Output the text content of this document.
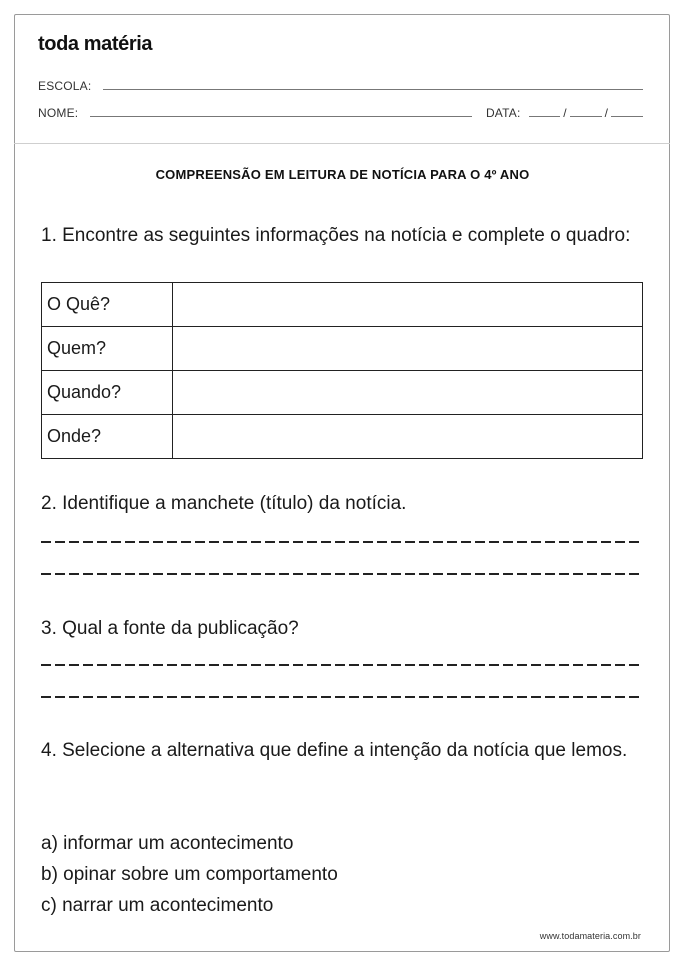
toda matéria
ESCOLA:
NOME:	DATA:	/	/
COMPREENSÃO EM LEITURA DE NOTÍCIA PARA O 4º ANO
1. Encontre as seguintes informações na notícia e complete o quadro:
O Quê?	
Quem?	
Quando?	
Onde?	
2. Identifique a manchete (título) da notícia.
3. Qual a fonte da publicação?
4. Selecione a alternativa que define a intenção da notícia que lemos.
a) informar um acontecimento
b) opinar sobre um comportamento
c) narrar um acontecimento
www.todamateria.com.br
